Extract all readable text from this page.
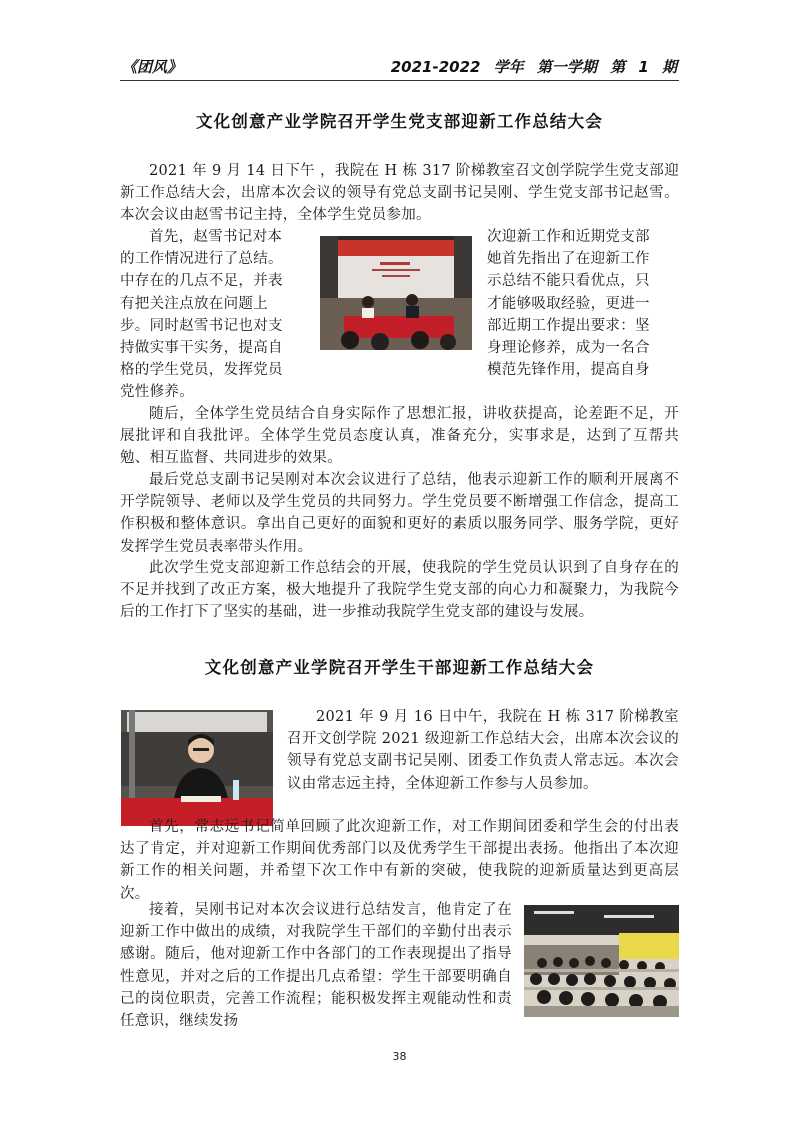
《团风》	2021-2022 学年 第一学期 第 1 期
文化创意产业学院召开学生党支部迎新工作总结大会
2021 年 9 月 14 日下午 ，我院在 H 栋 317 阶梯教室召文创学院学生党支部迎新工作总结大会，出席本次会议的领导有党总支副书记吴刚、学生党支部书记赵雪。本次会议由赵雪书记主持，全体学生党员参加。
首先，赵雪书记对本
的工作情况进行了总结。
中存在的几点不足，并表
有把关注点放在问题上
步。同时赵雪书记也对支
持做实事干实务，提高自
格的学生党员，发挥党员
次迎新工作和近期党支部
她首先指出了在迎新工作
示总结不能只看优点，只
才能够吸取经验，更进一
部近期工作提出要求：坚
身理论修养，成为一名合
模范先锋作用，提高自身
党性修养。
随后，全体学生党员结合自身实际作了思想汇报，讲收获提高，论差距不足，开展批评和自我批评。全体学生党员态度认真，准备充分，实事求是，达到了互帮共勉、相互监督、共同进步的效果。
最后党总支副书记吴刚对本次会议进行了总结，他表示迎新工作的顺利开展离不开学院领导、老师以及学生党员的共同努力。学生党员要不断增强工作信念，提高工作积极和整体意识。拿出自己更好的面貌和更好的素质以服务同学、服务学院，更好发挥学生党员表率带头作用。
此次学生党支部迎新工作总结会的开展，使我院的学生党员认识到了自身存在的不足并找到了改正方案，极大地提升了我院学生党支部的向心力和凝聚力，为我院今后的工作打下了坚实的基础，进一步推动我院学生党支部的建设与发展。
文化创意产业学院召开学生干部迎新工作总结大会
2021 年 9 月 16 日中午，我院在 H 栋 317 阶梯教室召开文创学院 2021 级迎新工作总结大会，出席本次会议的领导有党总支副书记吴刚、团委工作负责人常志远。本次会议由常志远主持，全体迎新工作参与人员参加。
首先，常志远书记简单回顾了此次迎新工作，对工作期间团委和学生会的付出表达了肯定，并对迎新工作期间优秀部门以及优秀学生干部提出表扬。他指出了本次迎新工作的相关问题，并希望下次工作中有新的突破，使我院的迎新质量达到更高层次。
接着，吴刚书记对本次会议进行总结发言，他肯定了在迎新工作中做出的成绩，对我院学生干部们的辛勤付出表示感谢。随后，他对迎新工作中各部门的工作表现提出了指导性意见，并对之后的工作提出几点希望：学生干部要明确自己的岗位职责，完善工作流程；能积极发挥主观能动性和责任意识，继续发扬
38
